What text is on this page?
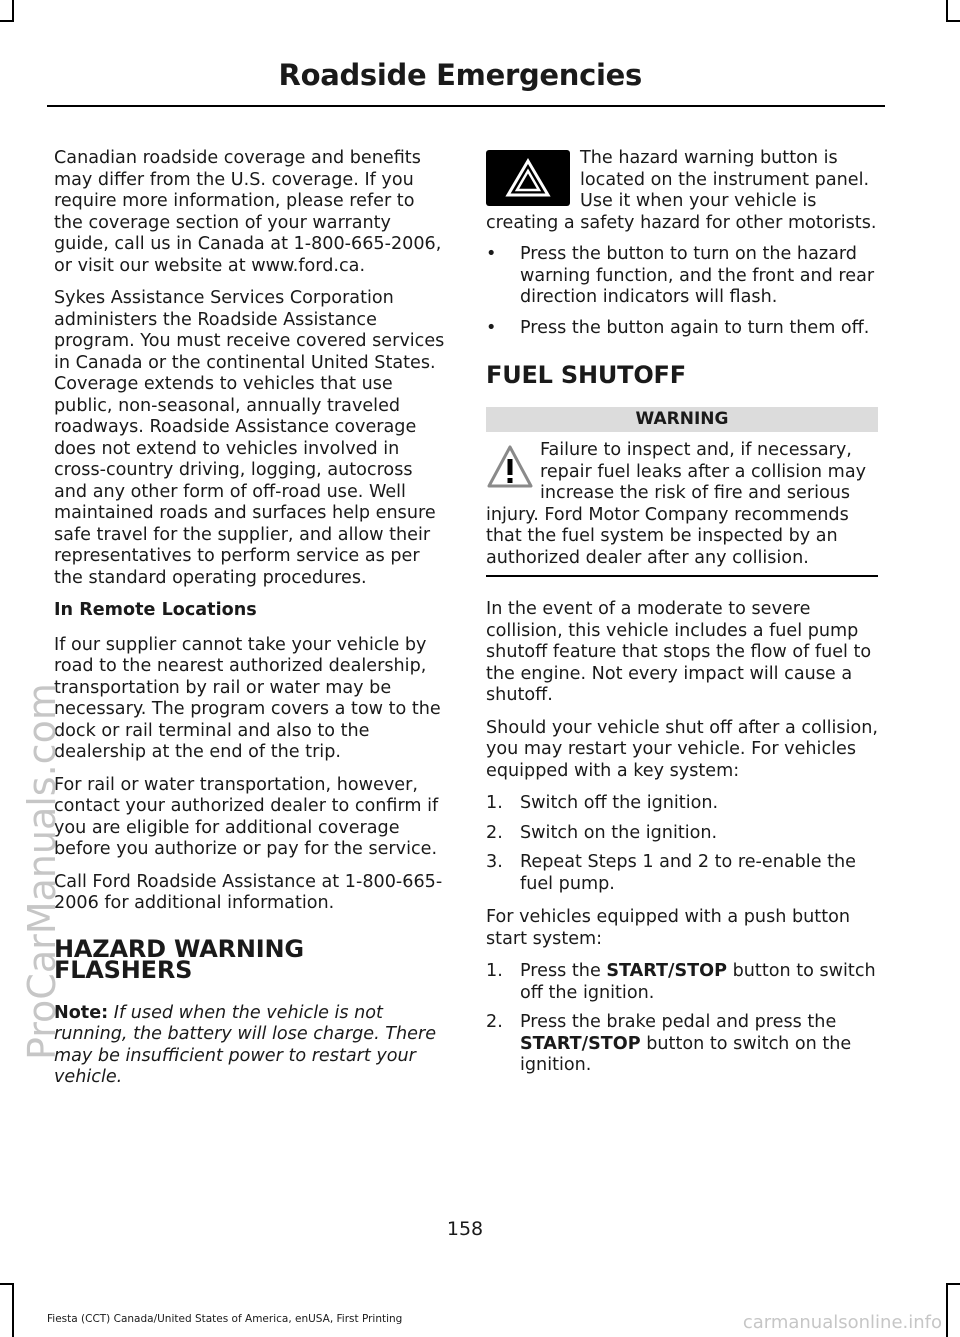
Roadside Emergencies

Canadian roadside coverage and benefits may differ from the U.S. coverage. If you require more information, please refer to the coverage section of your warranty guide, call us in Canada at 1-800-665-2006, or visit our website at www.ford.ca.

Sykes Assistance Services Corporation administers the Roadside Assistance program. You must receive covered services in Canada or the continental United States. Coverage extends to vehicles that use public, non-seasonal, annually traveled roadways. Roadside Assistance coverage does not extend to vehicles involved in cross-country driving, logging, autocross and any other form of off-road use. Well maintained roads and surfaces help ensure safe travel for the supplier, and allow their representatives to perform service as per the standard operating procedures.

In Remote Locations

If our supplier cannot take your vehicle by road to the nearest authorized dealership, transportation by rail or water may be necessary. The program covers a tow to the dock or rail terminal and also to the dealership at the end of the trip.

For rail or water transportation, however, contact your authorized dealer to confirm if you are eligible for additional coverage before you authorize or pay for the service.

Call Ford Roadside Assistance at 1-800-665-2006 for additional information.

HAZARD WARNING FLASHERS

Note: If used when the vehicle is not running, the battery will lose charge. There may be insufficient power to restart your vehicle.

The hazard warning button is located on the instrument panel. Use it when your vehicle is creating a safety hazard for other motorists.
• Press the button to turn on the hazard warning function, and the front and rear direction indicators will flash.
• Press the button again to turn them off.
FUEL SHUTOFF
WARNING
Failure to inspect and, if necessary, repair fuel leaks after a collision may increase the risk of fire and serious injury. Ford Motor Company recommends that the fuel system be inspected by an authorized dealer after any collision.

In the event of a moderate to severe collision, this vehicle includes a fuel pump shutoff feature that stops the flow of fuel to the engine. Not every impact will cause a shutoff.

Should your vehicle shut off after a collision, you may restart your vehicle. For vehicles equipped with a key system:

1. Switch off the ignition.
2. Switch on the ignition.
3. Repeat Steps 1 and 2 to re-enable the fuel pump.

For vehicles equipped with a push button start system:

1. Press the START/STOP button to switch off the ignition.
2. Press the brake pedal and press the START/STOP button to switch on the ignition.
158
Fiesta (CCT) Canada/United States of America, enUSA, First Printing
ProCarManuals.com
carmanualsonline.info
